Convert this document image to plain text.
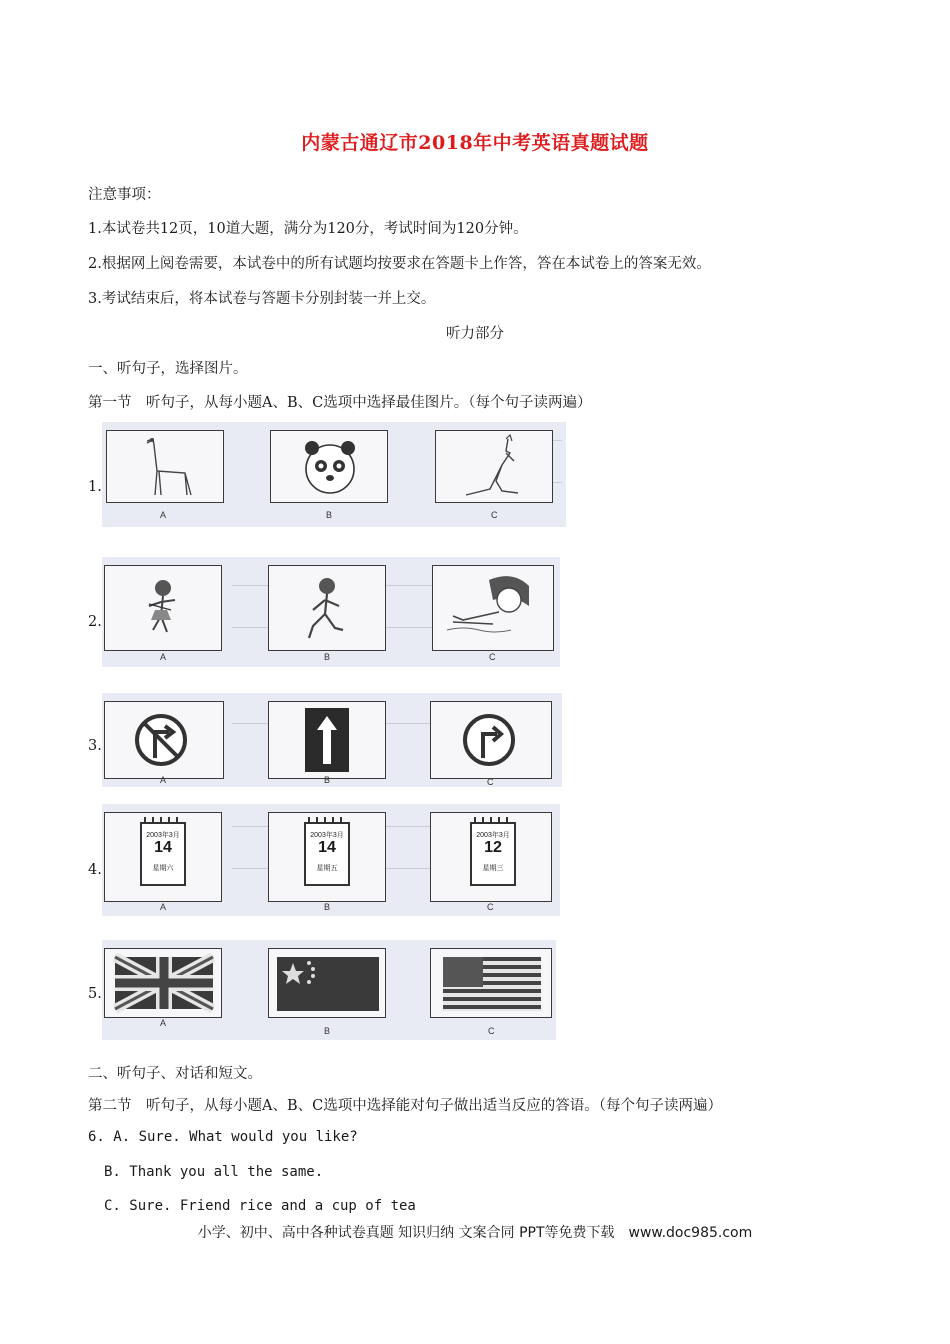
内蒙古通辽市2018年中考英语真题试题
注意事项：
1.本试卷共12页，10道大题，满分为120分，考试时间为120分钟。
2.根据网上阅卷需要，本试卷中的所有试题均按要求在答题卡上作答，答在本试卷上的答案无效。
3.考试结束后，将本试卷与答题卡分别封装一并上交。
听力部分
一、听句子，选择图片。
第一节　听句子，从每小题A、B、C选项中选择最佳图片。（每个句子读两遍）
1.
A	B	C
2.
A	B	C
3.
A	B	C
4.
2003年3月
14
星期六
A
2003年3月
14
星期五
B
2003年3月
12
星期三
C
5.
A
B	C
二、听句子、对话和短文。
第二节　听句子，从每小题A、B、C选项中选择能对句子做出适当反应的答语。（每个句子读两遍）
6. A. Sure. What would you like?
B. Thank you all the same.
C. Sure. Friend rice and a cup of tea
小学、初中、高中各种试卷真题 知识归纳 文案合同 PPT等免费下载　www.doc985.com
